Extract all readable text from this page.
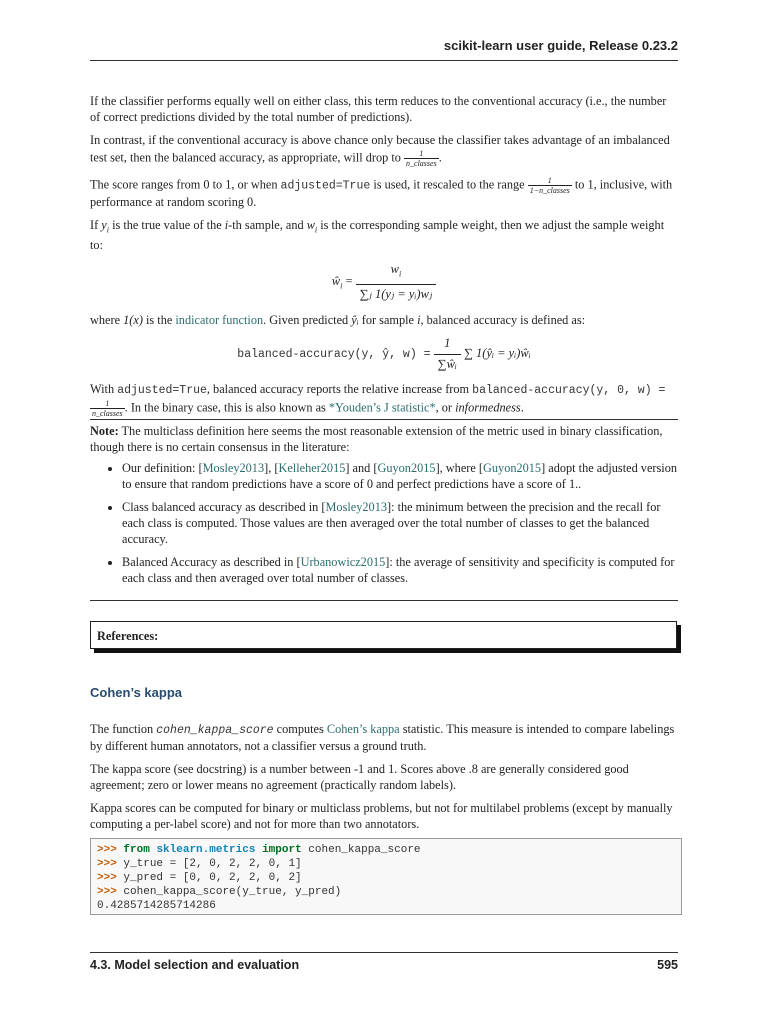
scikit-learn user guide, Release 0.23.2

If the classifier performs equally well on either class, this term reduces to the conventional accuracy (i.e., the number of correct predictions divided by the total number of predictions).

In contrast, if the conventional accuracy is above chance only because the classifier takes advantage of an imbalanced test set, then the balanced accuracy, as appropriate, will drop to $\frac{1}{\text{n\_classes}}$ .

The score ranges from 0 to 1, or when adjusted=True is used, it rescaled to the range $\frac{1}{\text{1−n\_classes}}$ to 1, inclusive, with performance at random scoring 0.

If $y_i$ is the true value of the i-th sample, and $w_i$ is the corresponding sample weight, then we adjust the sample weight to:

$ŵ_i = \frac{w_i}{\text{∑ⱼ 1(yⱼ = yᵢ)wⱼ}}$

where 1(x) is the indicator function. Given predicted ŷᵢ for sample i, balanced accuracy is defined as:

balanced-accuracy(y, ŷ, $w) = \frac{1}{\text{∑ŵᵢ}}$ ∑ 1(ŷᵢ = yᵢ)ŵᵢ

With adjusted=True, balanced accuracy reports the relative increase from balanced-accuracy(y, 0, w) =
$\frac{1}{\text{n\_classes}}$ . In the binary case, this is also known as *Youden’s J statistic*, or informedness.

Note: The multiclass definition here seems the most reasonable extension of the metric used in binary classification, though there is no certain consensus in the literature:
• Our definition: [Mosley2013], [Kelleher2015] and [Guyon2015], where [Guyon2015] adopt the adjusted version to ensure that random predictions have a score of 0 and perfect predictions have a score of 1..
• Class balanced accuracy as described in [Mosley2013]: the minimum between the precision and the recall for each class is computed. Those values are then averaged over the total number of classes to get the balanced accuracy.
• Balanced Accuracy as described in [Urbanowicz2015]: the average of sensitivity and specificity is computed for each class and then averaged over total number of classes.
References:
Cohen’s kappa

The function cohen_kappa_score computes Cohen’s kappa statistic. This measure is intended to compare labelings by different human annotators, not a classifier versus a ground truth.

The kappa score (see docstring) is a number between -1 and 1. Scores above .8 are generally considered good agreement; zero or lower means no agreement (practically random labels).

Kappa scores can be computed for binary or multiclass problems, but not for multilabel problems (except by manually computing a per-label score) and not for more than two annotators.

>>> from sklearn.metrics import cohen_kappa_score
>>> y_true = [2, 0, 2, 2, 0, 1]
>>> y_pred = [0, 0, 2, 2, 0, 2]
>>> cohen_kappa_score(y_true, y_pred)
0.4285714285714286
4.3. Model selection and evaluation	595
